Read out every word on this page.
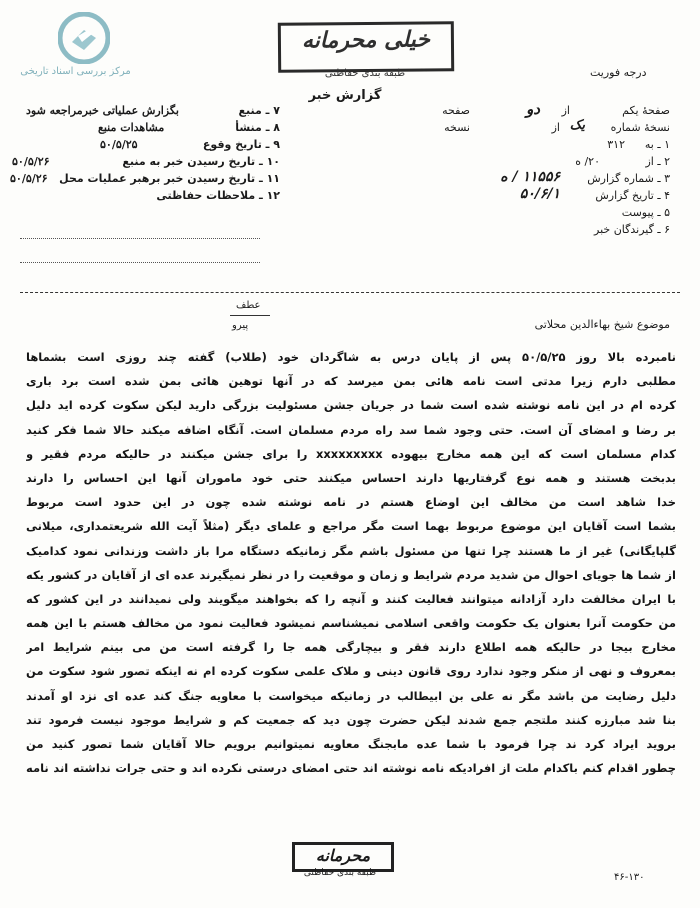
مرکز بررسی اسناد تاریخی
خیلی محرمانه
طبقه بندی حفاظتی	درجه فوریت
گزارش خبر
۷ ـ منبع
بگزارش عملیاتی خبرمراجعه شود
۸ ـ منشأ
مشاهدات منبع
۹ ـ تاریخ وقوع
۵۰/۵/۲۵
۱۰ ـ تاریخ رسیدن خبر به منبع
۵۰/۵/۲۶
۱۱ ـ تاریخ رسیدن خبر برهبر عملیات محل
۵۰/۵/۲۶
۱۲ ـ ملاحظات حفاظتی
صفحهٔ یکم
از
دو
صفحه
نسخهٔ شماره
یک
از
نسخه
۱ ـ به
۳۱۲
۲ ـ از
۲۰/ ه
۳ ـ شماره گزارش
۱۱۵۵۶ / ه
۴ ـ تاریخ گزارش
۵۰/۶/۱
۵ ـ پیوست
۶ ـ گیرندگان خبر
عطف
پیرو	موضوع شیخ بهاءالدین محلاتی
نامبرده بالا روز ۵۰/۵/۲۵ پس از پایان درس به شاگردان خود (طلاب) گفته چند روزی است بشماها
مطلبی دارم زیرا مدتی است نامه هائی بمن میرسد که در آنها توهین هائی بمن شده است برد باری
کرده ام در این نامه نوشته شده است شما در جریان جشن مسئولیت بزرگی دارید لیکن سکوت کرده اید دلیل
بر رضا و امضای آن است. حتی وجود شما سد راه مردم مسلمان است. آنگاه اضافه میکند حالا شما فکر کنید
کدام مسلمان است که این همه مخارج بیهوده xxxxxxxxx را برای جشن میکنند در حالیکه مردم فقیر و
بدبخت هستند و همه نوع گرفتاریها دارند احساس میکنند حتی خود ماموران آنها این احساس را دارند
خدا شاهد است من مخالف این اوضاع هستم در نامه نوشته شده چون در این حدود است مربوط
بشما است آقایان این موضوع مربوط بهما است مگر مراجع و علمای دیگر (مثلاً آیت الله شریعتمداری، میلانی
گلپایگانی) غیر از ما هستند چرا تنها من مسئول باشم مگر زمانیکه دستگاه مرا باز داشت وزندانی نمود کدامیک
از شما ها جویای احوال من شدید مردم شرایط و زمان و موقعیت را در نظر نمیگیرند عده ای از آقایان در کشور یکه
با ایران مخالفت دارد آزادانه میتوانند فعالیت کنند و آنچه را که بخواهند میگویند ولی نمیدانند در این کشور که
من حکومت آنرا بعنوان یک حکومت واقعی اسلامی نمیشناسم نمیشود فعالیت نمود من مخالف هستم با این همه
مخارج بیجا در حالیکه همه اطلاع دارند فقر و بیچارگی همه جا را گرفته است من می بینم شرایط امر
بمعروف و نهی از منکر وجود ندارد روی قانون دینی و ملاک علمی سکوت کرده ام نه اینکه تصور شود سکوت من
دلیل رضایت من باشد مگر نه علی بن ابیطالب در زمانیکه میخواست با معاویه جنگ کند عده ای نزد او آمدند
بنا شد مبارزه کنند ملتجم جمع شدند لیکن حضرت چون دید که جمعیت کم و شرایط موجود نیست فرمود تند
بروید ایراد کرد ند چرا فرمود با شما عده مابجنگ معاویه نمیتوانیم برویم حالا آقایان شما تصور کنید من
چطور اقدام کنم باکدام ملت از افرادیکه نامه نوشته اند حتی امضای درستی نکرده اند و حتی جرات نداشته اند نامه
محرمانه
طبقه بندی حفاظتی	۴۶-۱۳۰
